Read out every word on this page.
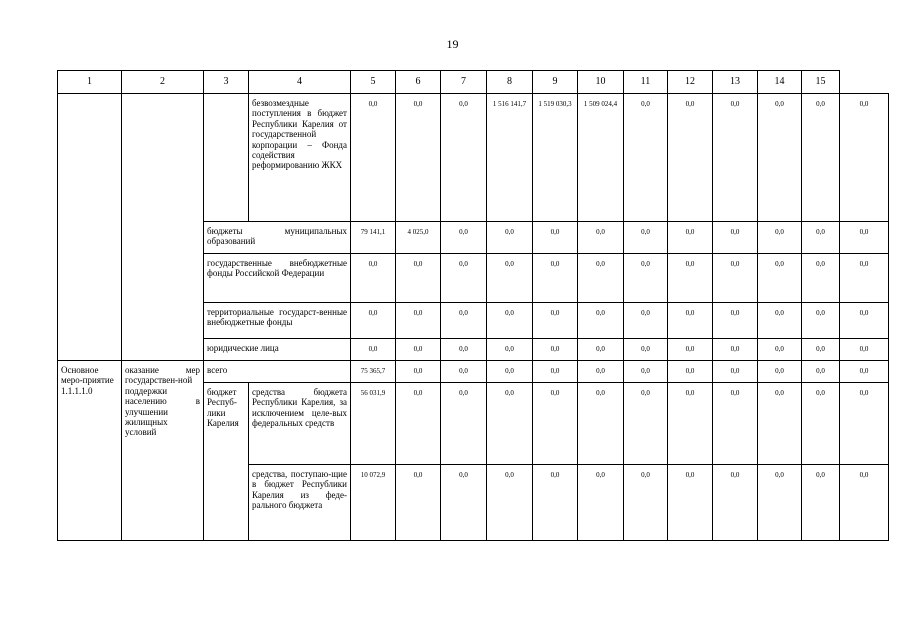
19
1	2	3	4	5	6	7	8	9	10	11	12	13	14	15	
			безвозмездные поступления в бюджет Республики Карелия от государственной корпорации – Фонда содействия реформированию ЖКХ	0,0	0,0	0,0	1 516 141,7	1 519 030,3	1 509 024,4	0,0	0,0	0,0	0,0	0,0	0,0
		бюджеты муниципальных образований		79 141,1	4 025,0	0,0	0,0	0,0	0,0	0,0	0,0	0,0	0,0	0,0	0,0
		государственные внебюджетные фонды Российской Федерации		0,0	0,0	0,0	0,0	0,0	0,0	0,0	0,0	0,0	0,0	0,0	0,0
		территориальные государст-венные внебюджетные фонды		0,0	0,0	0,0	0,0	0,0	0,0	0,0	0,0	0,0	0,0	0,0	0,0
		юридические лица		0,0	0,0	0,0	0,0	0,0	0,0	0,0	0,0	0,0	0,0	0,0	0,0
Основное меро-приятие 1.1.1.1.0	оказание мер государствен-ной поддержки населению в улучшении жилищных условий	всего		75 365,7	0,0	0,0	0,0	0,0	0,0	0,0	0,0	0,0	0,0	0,0	0,0
		бюджет Респуб-лики Карелия	средства бюджета Республики Карелия, за исключением целе-вых федеральных средств	56 031,9	0,0	0,0	0,0	0,0	0,0	0,0	0,0	0,0	0,0	0,0	0,0
			средства, поступаю-щие в бюджет Республики Карелия из феде-рального бюджета	10 072,9	0,0	0,0	0,0	0,0	0,0	0,0	0,0	0,0	0,0	0,0	0,0
